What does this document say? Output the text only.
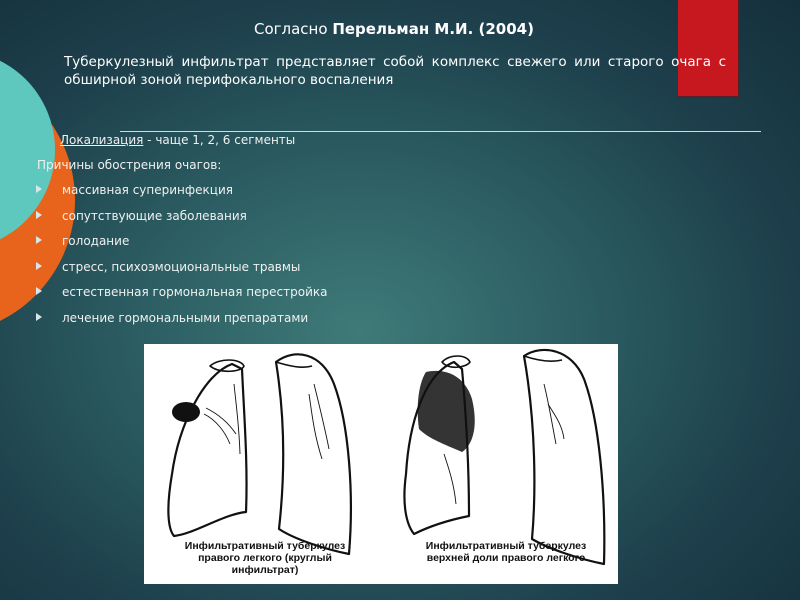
Согласно Перельман М.И. (2004)
Туберкулезный инфильтрат представляет собой комплекс свежего или старого очага с обширной зоной перифокального воспаления
Локализация - чаще 1, 2, 6 сегменты
Причины обострения очагов:
массивная суперинфекция
сопутствующие заболевания
голодание
стресс, психоэмоциональные травмы
естественная гормональная перестройка
лечение гормональными препаратами
Инфильтративный туберкулез
правого легкого (круглый
инфильтрат)
Инфильтративный туберкулез
верхней доли правого легкого
